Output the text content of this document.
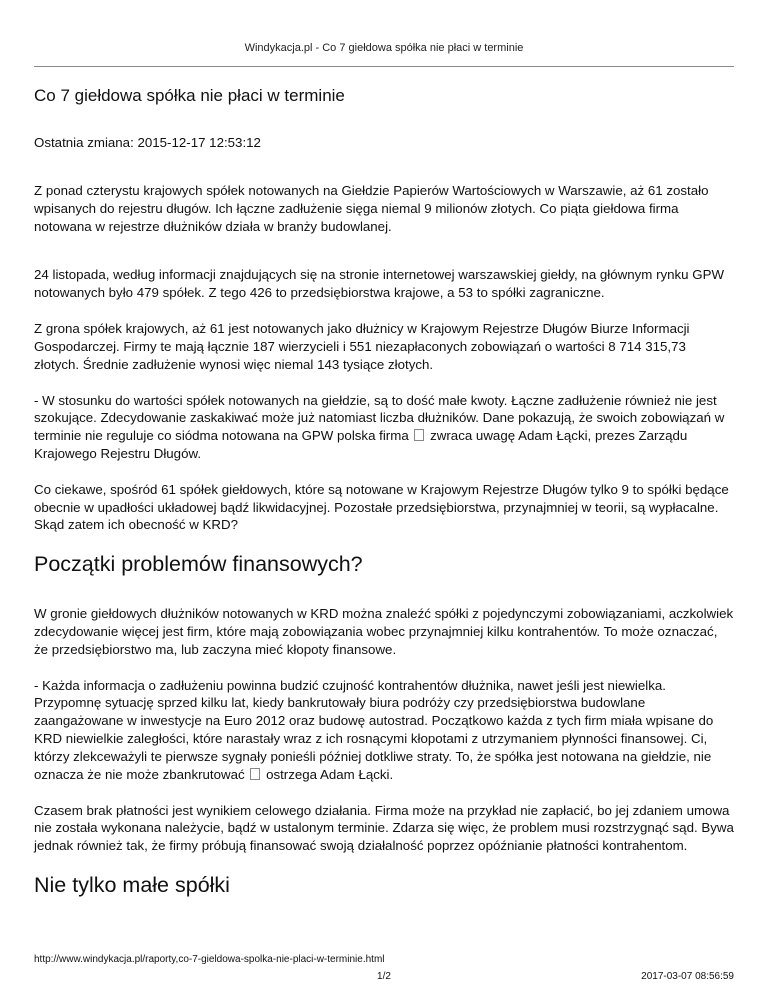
Windykacja.pl - Co 7 giełdowa spółka nie płaci w terminie
Co 7 giełdowa spółka nie płaci w terminie
Ostatnia zmiana: 2015-12-17 12:53:12

Z ponad czterystu krajowych spółek notowanych na Giełdzie Papierów Wartościowych w Warszawie, aż 61 zostało wpisanych do rejestru długów. Ich łączne zadłużenie sięga niemal 9 milionów złotych. Co piąta giełdowa firma notowana w rejestrze dłużników działa w branży budowlanej.

24 listopada, według informacji znajdujących się na stronie internetowej warszawskiej giełdy, na głównym rynku GPW notowanych było 479 spółek. Z tego 426 to przedsiębiorstwa krajowe, a 53 to spółki zagraniczne.

Z grona spółek krajowych, aż 61 jest notowanych jako dłużnicy w Krajowym Rejestrze Długów Biurze Informacji Gospodarczej. Firmy te mają łącznie 187 wierzycieli i 551 niezapłaconych zobowiązań o wartości 8 714 315,73 złotych. Średnie zadłużenie wynosi więc niemal 143 tysiące złotych.

- W stosunku do wartości spółek notowanych na giełdzie, są to dość małe kwoty. Łączne zadłużenie również nie jest szokujące. Zdecydowanie zaskakiwać może już natomiast liczba dłużników. Dane pokazują, że swoich zobowiązań w terminie nie reguluje co siódma notowana na GPW polska firma zwraca uwagę Adam Łącki, prezes Zarządu Krajowego Rejestru Długów.

Co ciekawe, spośród 61 spółek giełdowych, które są notowane w Krajowym Rejestrze Długów tylko 9 to spółki będące obecnie w upadłości układowej bądź likwidacyjnej. Pozostałe przedsiębiorstwa, przynajmniej w teorii, są wypłacalne. Skąd zatem ich obecność w KRD?

Początki problemów finansowych?

W gronie giełdowych dłużników notowanych w KRD można znaleźć spółki z pojedynczymi zobowiązaniami, aczkolwiek zdecydowanie więcej jest firm, które mają zobowiązania wobec przynajmniej kilku kontrahentów. To może oznaczać, że przedsiębiorstwo ma, lub zaczyna mieć kłopoty finansowe.

- Każda informacja o zadłużeniu powinna budzić czujność kontrahentów dłużnika, nawet jeśli jest niewielka. Przypomnę sytuację sprzed kilku lat, kiedy bankrutowały biura podróży czy przedsiębiorstwa budowlane zaangażowane w inwestycje na Euro 2012 oraz budowę autostrad. Początkowo każda z tych firm miała wpisane do KRD niewielkie zaległości, które narastały wraz z ich rosnącymi kłopotami z utrzymaniem płynności finansowej. Ci, którzy zlekceważyli te pierwsze sygnały ponieśli później dotkliwe straty. To, że spółka jest notowana na giełdzie, nie oznacza że nie może zbankrutować ostrzega Adam Łącki.

Czasem brak płatności jest wynikiem celowego działania. Firma może na przykład nie zapłacić, bo jej zdaniem umowa nie została wykonana należycie, bądź w ustalonym terminie. Zdarza się więc, że problem musi rozstrzygnąć sąd. Bywa jednak również tak, że firmy próbują finansować swoją działalność poprzez opóźnianie płatności kontrahentom.

Nie tylko małe spółki
http://www.windykacja.pl/raporty,co-7-gieldowa-spolka-nie-placi-w-terminie.html
1/2	2017-03-07 08:56:59
